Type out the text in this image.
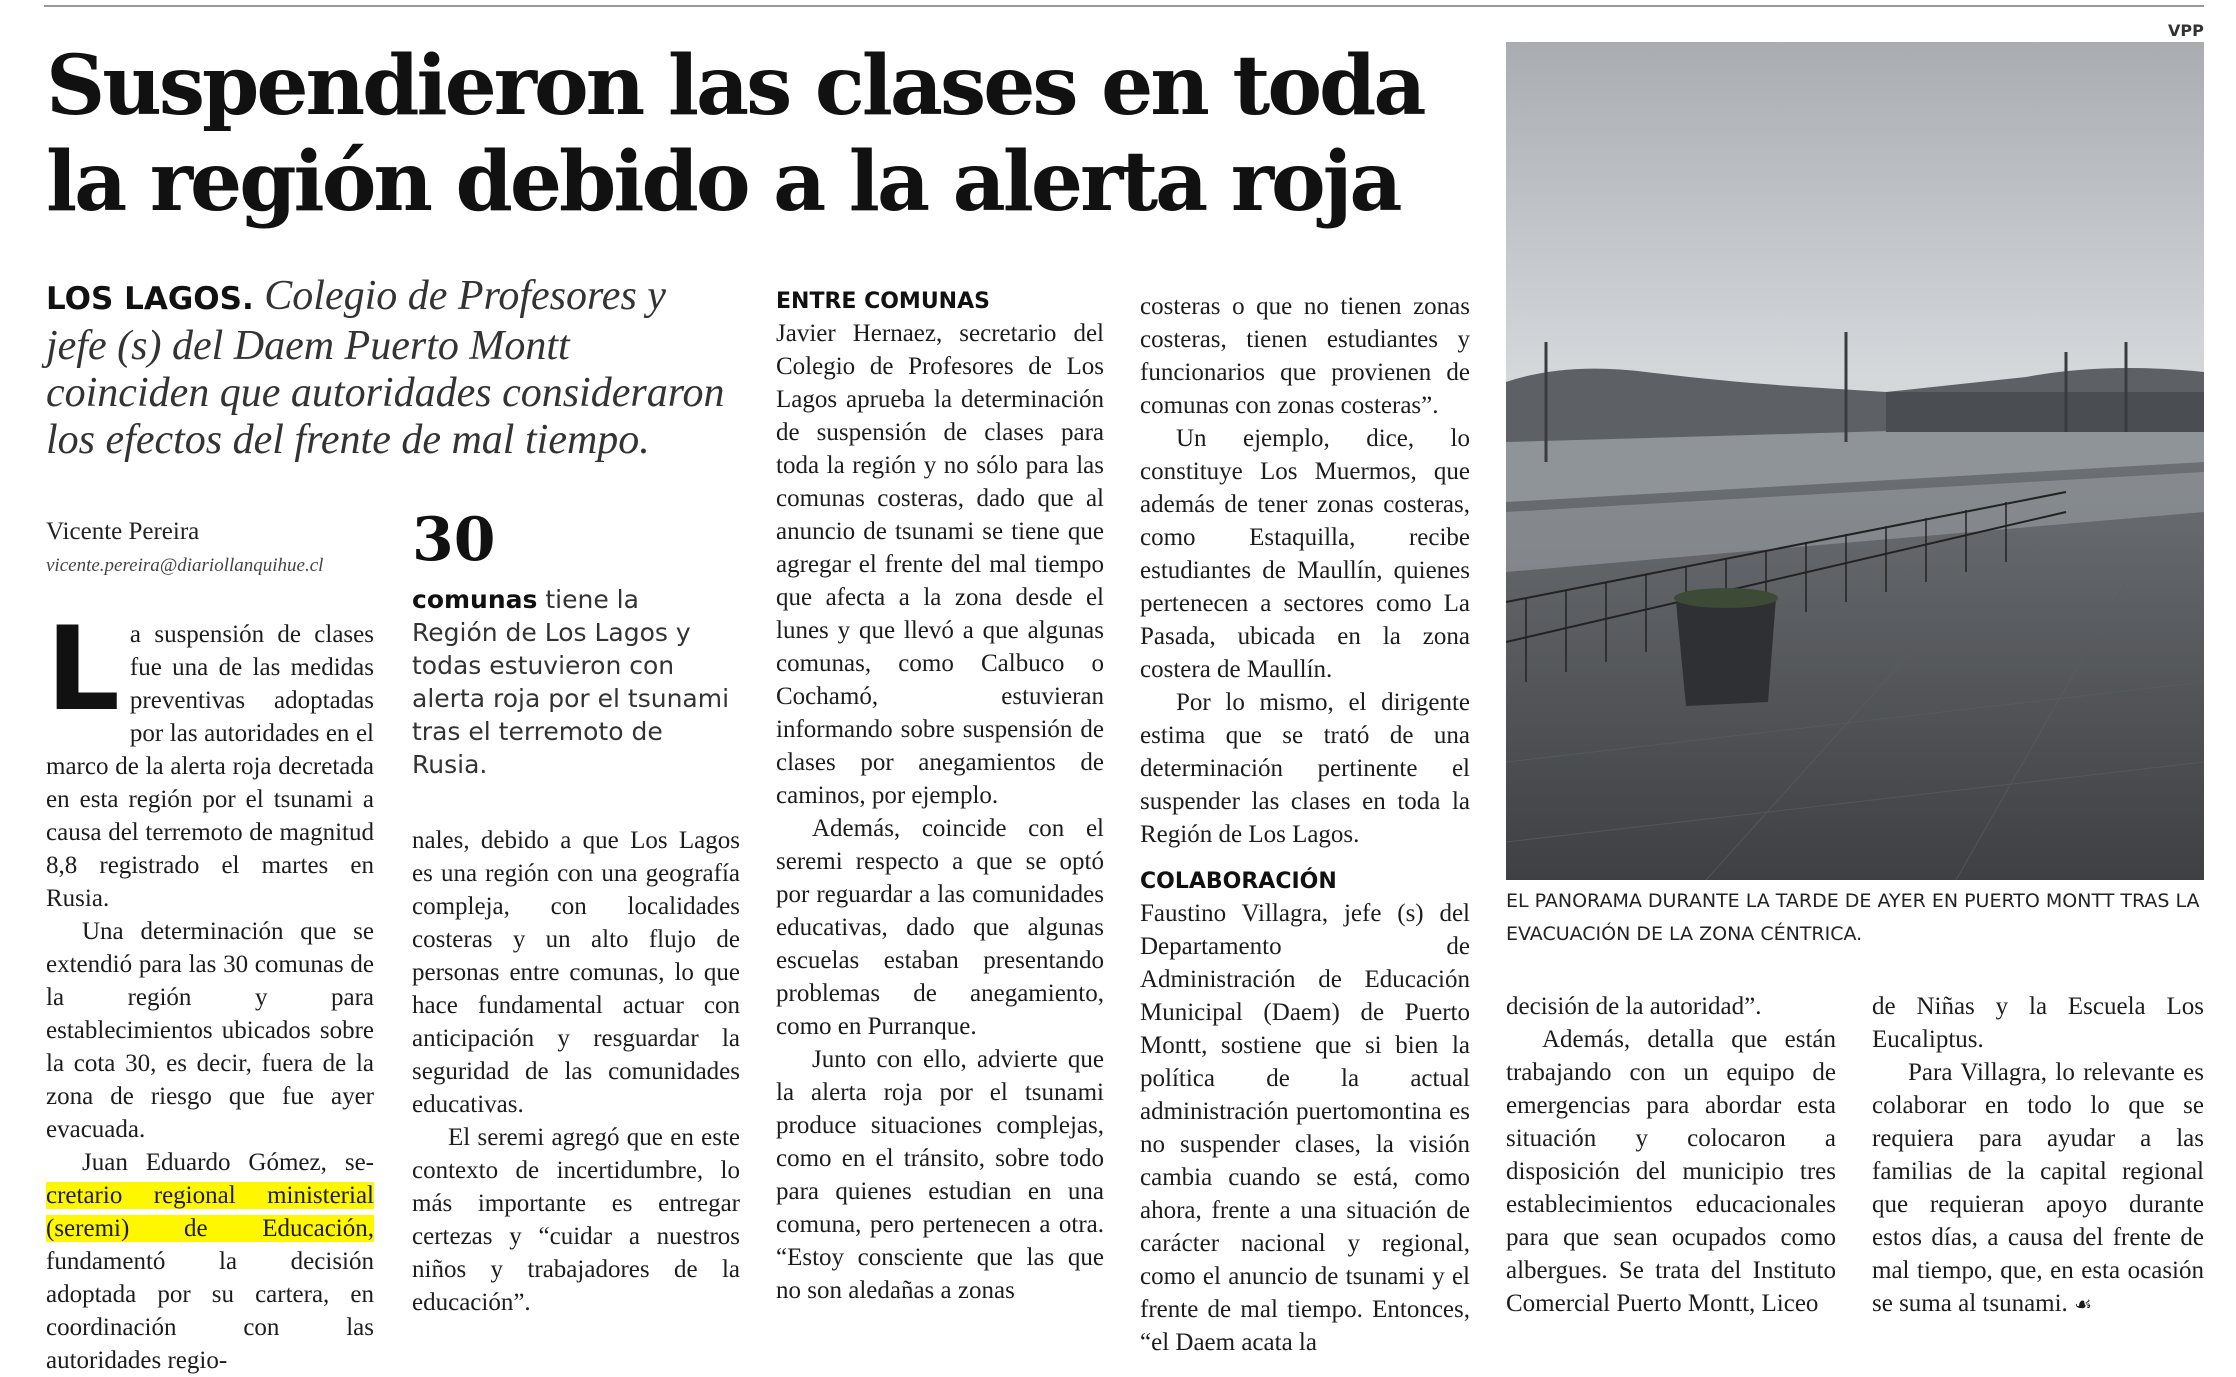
VPP
Suspendieron las clases en toda
la región debido a la alerta roja

LOS LAGOS. Colegio de Profesores y jefe (s) del Daem Puerto Montt coinciden que autoridades consideraron los efectos del frente de mal tiempo.

Vicente Pereira
vicente.pereira@diariollanquihue.cl 30
comunas tiene la Región de Los Lagos y todas estuvieron con alerta roja por el tsunami tras el terremoto de Rusia.

L a suspensión de clases fue una de las medidas preventivas adoptadas por las autoridades en el marco de la alerta roja decretada en esta región por el tsunami a causa del terremoto de magnitud 8,8 registrado el martes en Rusia.

Una determinación que se extendió para las 30 comunas de la región y para establecimientos ubicados sobre la cota 30, es decir, fuera de la zona de riesgo que fue ayer evacuada.

Juan Eduardo Gómez, se- cretario regional ministerial (seremi) de Educación, fundamentó la decisión adoptada por su cartera, en coordinación con las autoridades regio-

nales, debido a que Los Lagos es una región con una geografía compleja, con localidades costeras y un alto flujo de personas entre comunas, lo que hace fundamental actuar con anticipación y resguardar la seguridad de las comunidades educativas.

El seremi agregó que en este contexto de incertidumbre, lo más importante es entregar certezas y “cuidar a nuestros niños y trabajadores de la educación”.

ENTRE COMUNAS

Javier Hernaez, secretario del Colegio de Profesores de Los Lagos aprueba la determinación de suspensión de clases para toda la región y no sólo para las comunas costeras, dado que al anuncio de tsunami se tiene que agregar el frente del mal tiempo que afecta a la zona desde el lunes y que llevó a que algunas comunas, como Calbuco o Cochamó, estuvieran informando sobre suspensión de clases por anegamientos de caminos, por ejemplo.

Además, coincide con el seremi respecto a que se optó por reguardar a las comunidades educativas, dado que algunas escuelas estaban presentando problemas de anegamiento, como en Purranque.

Junto con ello, advierte que la alerta roja por el tsunami produce situaciones complejas, como en el tránsito, sobre todo para quienes estudian en una comuna, pero pertenecen a otra. “Estoy consciente que las que no son aledañas a zonas

costeras o que no tienen zonas costeras, tienen estudiantes y funcionarios que provienen de comunas con zonas costeras”.

Un ejemplo, dice, lo constituye Los Muermos, que además de tener zonas costeras, como Estaquilla, recibe estudiantes de Maullín, quienes pertenecen a sectores como La Pasada, ubicada en la zona costera de Maullín.

Por lo mismo, el dirigente estima que se trató de una determinación pertinente el suspender las clases en toda la Región de Los Lagos.

COLABORACIÓN

Faustino Villagra, jefe (s) del Departamento de Administración de Educación Municipal (Daem) de Puerto Montt, sostiene que si bien la política de la actual administración puertomontina es no suspender clases, la visión cambia cuando se está, como ahora, frente a una situación de carácter nacional y regional, como el anuncio de tsunami y el frente de mal tiempo. Entonces, “el Daem acata la

EL PANORAMA DURANTE LA TARDE DE AYER EN PUERTO MONTT TRAS LA EVACUACIÓN DE LA ZONA CÉNTRICA.

decisión de la autoridad”.

Además, detalla que están trabajando con un equipo de emergencias para abordar esta situación y colocaron a disposición del municipio tres establecimientos educacionales para que sean ocupados como albergues. Se trata del Instituto Comercial Puerto Montt, Liceo

de Niñas y la Escuela Los Eucaliptus.

Para Villagra, lo relevante es colaborar en todo lo que se requiera para ayudar a las familias de la capital regional que requieran apoyo durante estos días, a causa del frente de mal tiempo, que, en esta ocasión se suma al tsunami. ☙
